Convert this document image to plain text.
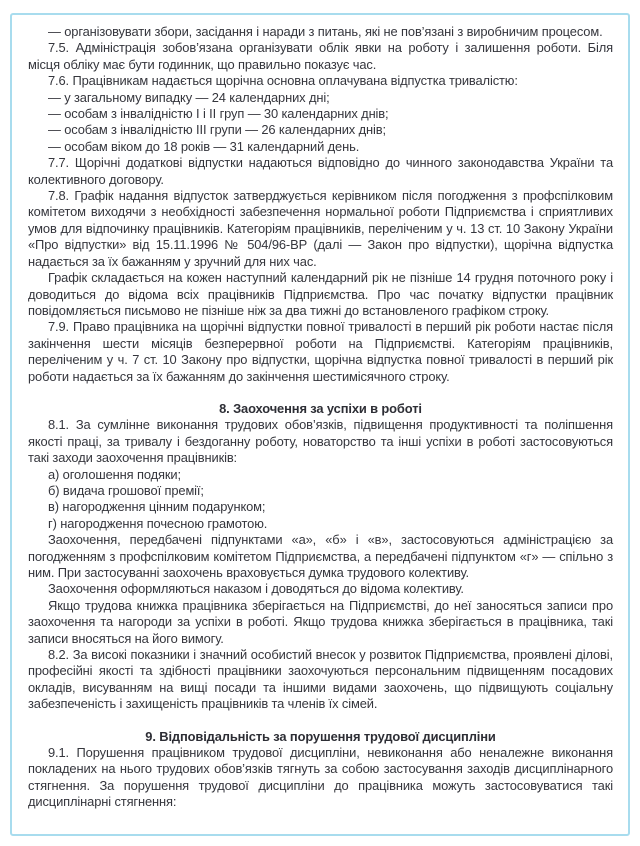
— організовувати збори, засідання і наради з питань, які не пов’язані з виробничим процесом.

7.5. Адміністрація зобов’язана організувати облік явки на роботу і залишення роботи. Біля місця обліку має бути годинник, що правильно показує час.

7.6. Працівникам надається щорічна основна оплачувана відпустка тривалістю:

— у загальному випадку — 24 календарних дні;

— особам з інвалідністю І і ІІ груп — 30 календарних днів;

— особам з інвалідністю ІІІ групи — 26 календарних днів;

— особам віком до 18 років — 31 календарний день.

7.7. Щорічні додаткові відпустки надаються відповідно до чинного законодавства України та колективного договору.

7.8. Графік надання відпусток затверджується керівником після погодження з профспілковим комітетом виходячи з необхідності забезпечення нормальної роботи Підприємства і сприятливих умов для відпочинку працівників. Категоріям працівників, переліченим у ч. 13 ст. 10 Закону України «Про відпустки» від 15.11.1996 № 504/96-ВР (далі — Закон про відпустки), щорічна відпустка надається за їх бажанням у зручний для них час.

Графік складається на кожен наступний календарний рік не пізніше 14 грудня поточного року і доводиться до відома всіх працівників Підприємства. Про час початку відпустки працівник повідомляється письмово не пізніше ніж за два тижні до встановленого графіком строку.

7.9. Право працівника на щорічні відпустки повної тривалості в перший рік роботи настає після закінчення шести місяців безперервної роботи на Підприємстві. Категоріям працівників, переліченим у ч. 7 ст. 10 Закону про відпустки, щорічна відпустка повної тривалості в перший рік роботи надається за їх бажанням до закінчення шестимісячного строку.

8. Заохочення за успіхи в роботі

8.1. За сумлінне виконання трудових обов’язків, підвищення продуктивності та поліпшення якості праці, за тривалу і бездоганну роботу, новаторство та інші успіхи в роботі застосовуються такі заходи заохочення працівників:

а) оголошення подяки;

б) видача грошової премії;

в) нагородження цінним подарунком;

г) нагородження почесною грамотою.

Заохочення, передбачені підпунктами «а», «б» і «в», застосовуються адміністрацією за погодженням з профспілковим комітетом Підприємства, а передбачені підпунктом «г» — спільно з ним. При застосуванні заохочень враховується думка трудового колективу.

Заохочення оформляються наказом і доводяться до відома колективу.

Якщо трудова книжка працівника зберігається на Підприємстві, до неї заносяться записи про заохочення та нагороди за успіхи в роботі. Якщо трудова книжка зберігається в працівника, такі записи вносяться на його вимогу.

8.2. За високі показники і значний особистий внесок у розвиток Підприємства, проявлені ділові, професійні якості та здібності працівники заохочуються персональним підвищенням посадових окладів, висуванням на вищі посади та іншими видами заохочень, що підвищують соціальну забезпеченість і захищеність працівників та членів їх сімей.

9. Відповідальність за порушення трудової дисципліни

9.1. Порушення працівником трудової дисципліни, невиконання або неналежне виконання покладених на нього трудових обов’язків тягнуть за собою застосування заходів дисциплінарного стягнення. За порушення трудової дисципліни до працівника можуть застосовуватися такі дисциплінарні стягнення:
